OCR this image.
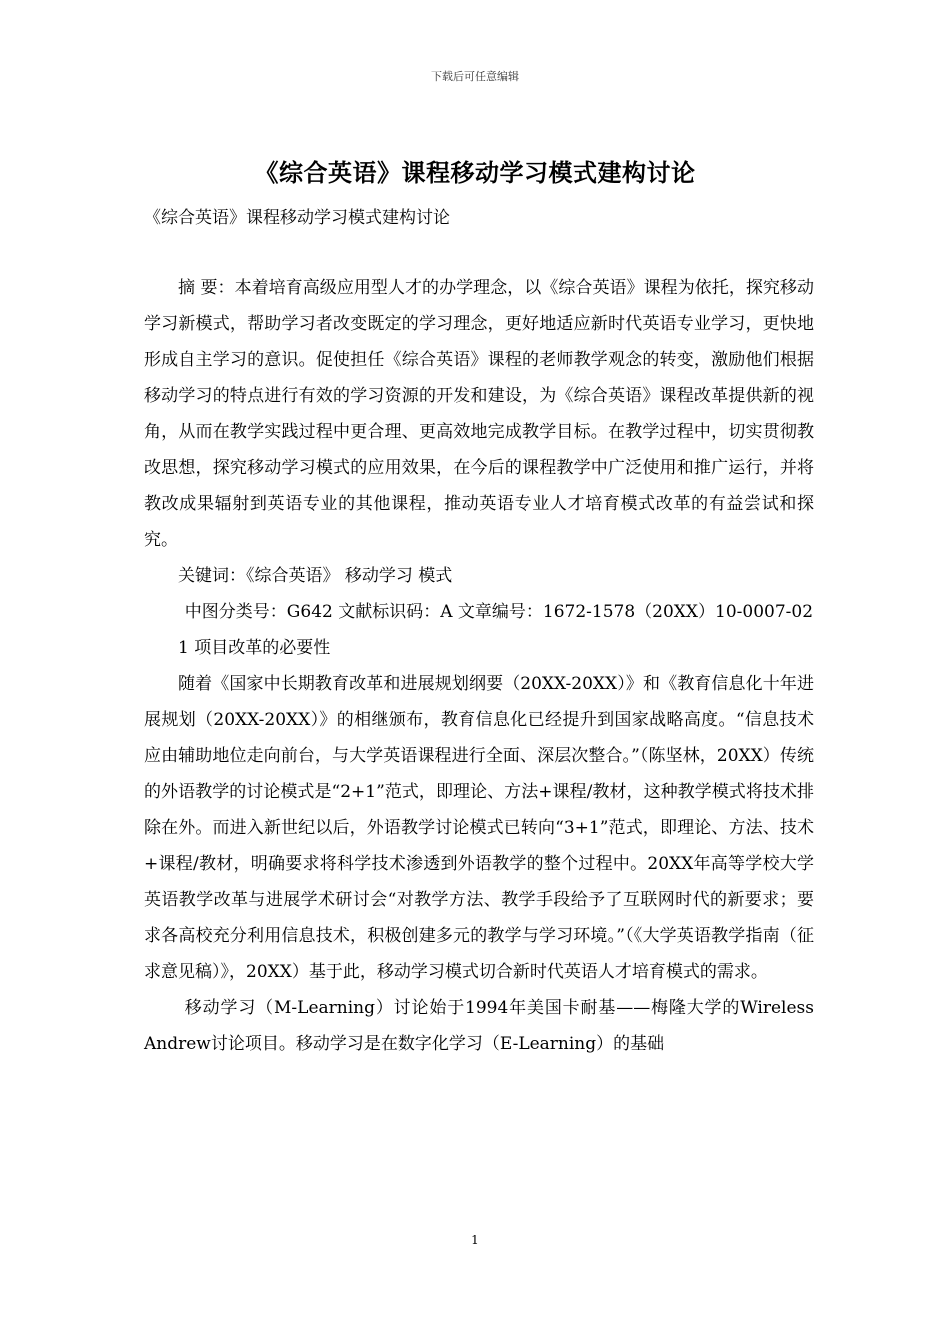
下载后可任意编辑
《综合英语》课程移动学习模式建构讨论
《综合英语》课程移动学习模式建构讨论

摘 要：本着培育高级应用型人才的办学理念，以《综合英语》课程为依托，探究移动学习新模式，帮助学习者改变既定的学习理念，更好地适应新时代英语专业学习，更快地形成自主学习的意识。促使担任《综合英语》课程的老师教学观念的转变，激励他们根据移动学习的特点进行有效的学习资源的开发和建设，为《综合英语》课程改革提供新的视角，从而在教学实践过程中更合理、更高效地完成教学目标。在教学过程中，切实贯彻教改思想，探究移动学习模式的应用效果，在今后的课程教学中广泛使用和推广运行，并将教改成果辐射到英语专业的其他课程，推动英语专业人才培育模式改革的有益尝试和探究。

关键词：《综合英语》 移动学习 模式

中图分类号：G642 文献标识码：A 文章编号：1672-1578（20XX）10-0007-02

1 项目改革的必要性

随着《国家中长期教育改革和进展规划纲要（20XX-20XX）》和《教育信息化十年进展规划（20XX-20XX）》的相继颁布，教育信息化已经提升到国家战略高度。“信息技术应由辅助地位走向前台，与大学英语课程进行全面、深层次整合。”（陈坚林，20XX）传统的外语教学的讨论模式是“2+1”范式，即理论、方法+课程/教材，这种教学模式将技术排除在外。而进入新世纪以后，外语教学讨论模式已转向“3+1”范式，即理论、方法、技术+课程/教材，明确要求将科学技术渗透到外语教学的整个过程中。20XX年高等学校大学英语教学改革与进展学术研讨会“对教学方法、教学手段给予了互联网时代的新要求；要求各高校充分利用信息技术，积极创建多元的教学与学习环境。”（《大学英语教学指南（征求意见稿）》，20XX）基于此，移动学习模式切合新时代英语人才培育模式的需求。

移动学习（M-Learning）讨论始于1994年美国卡耐基——梅隆大学的Wireless Andrew讨论项目。移动学习是在数字化学习（E-Learning）的基础

1
